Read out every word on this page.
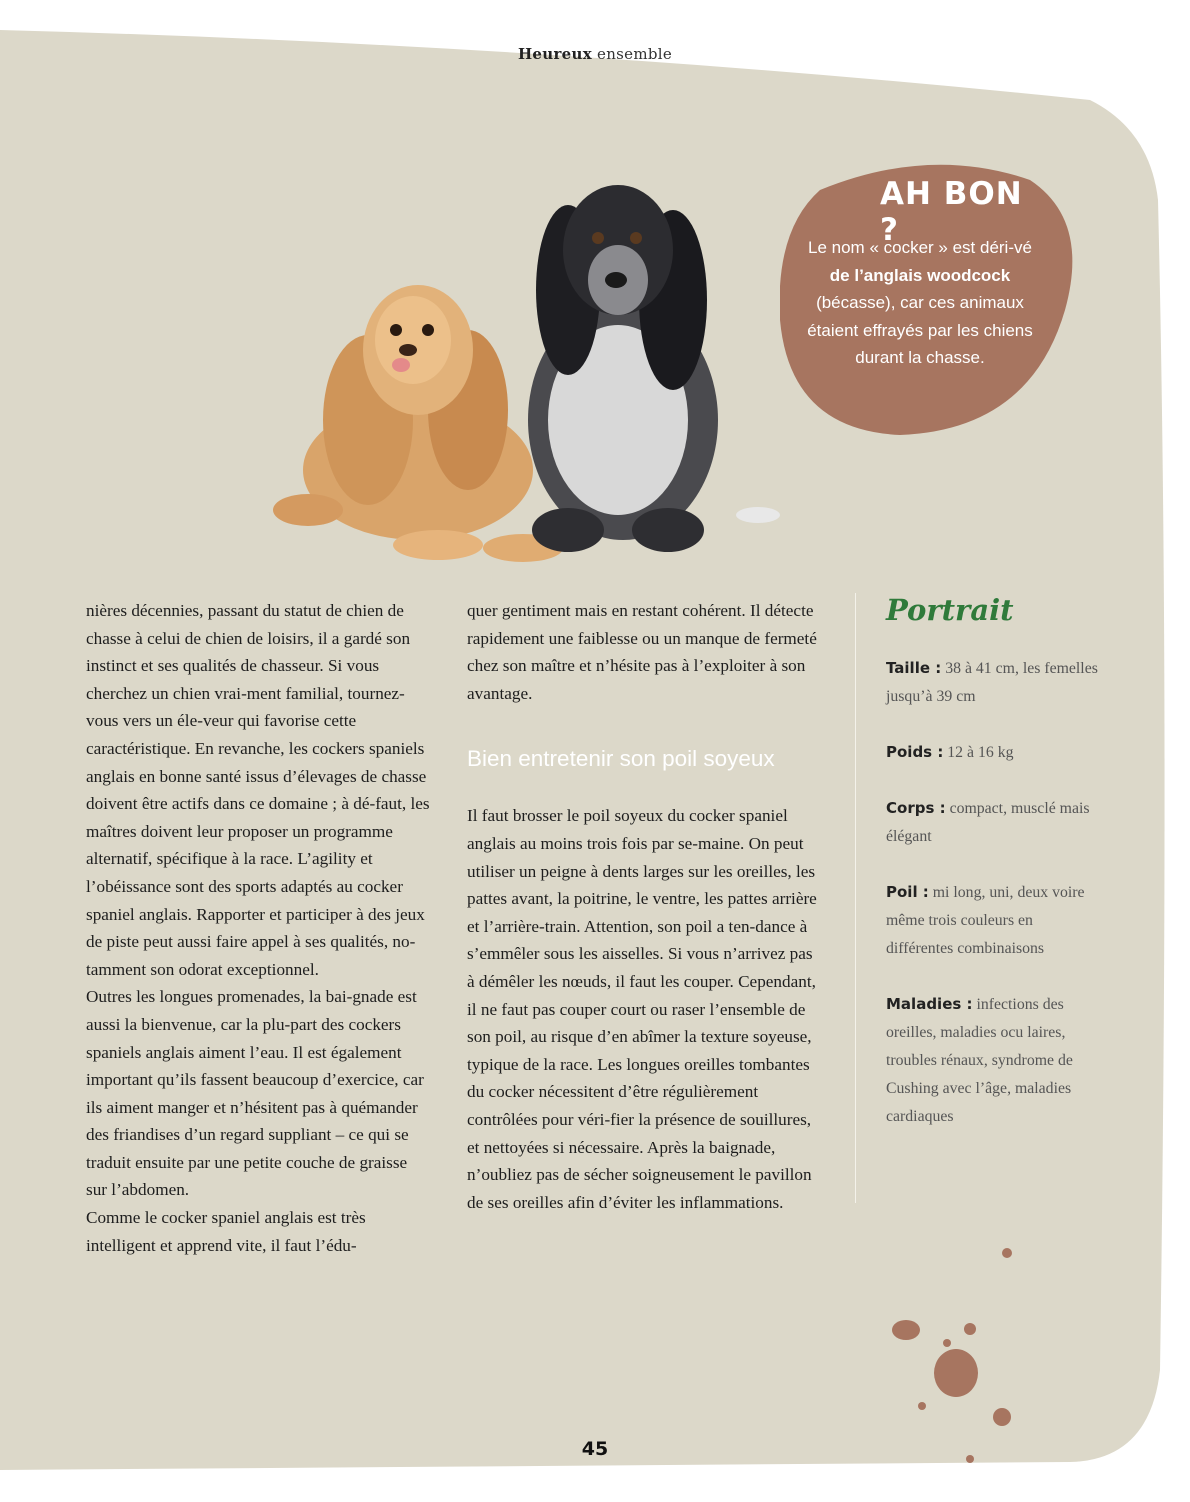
Heureux ensemble
AH BON ?
Le nom « cocker » est déri-vé de l’anglais woodcock (bécasse), car ces animaux étaient effrayés par les chiens durant la chasse.

nières décennies, passant du statut de chien de chasse à celui de chien de loisirs, il a gardé son instinct et ses qualités de chasseur. Si vous cherchez un chien vrai-ment familial, tournez-vous vers un éle-veur qui favorise cette caractéristique. En revanche, les cockers spaniels anglais en bonne santé issus d’élevages de chasse doivent être actifs dans ce domaine ; à dé-faut, les maîtres doivent leur proposer un programme alternatif, spécifique à la race. L’agility et l’obéissance sont des sports adaptés au cocker spaniel anglais. Rapporter et participer à des jeux de piste peut aussi faire appel à ses qualités, no-tamment son odorat exceptionnel.

Outres les longues promenades, la bai-gnade est aussi la bienvenue, car la plu-part des cockers spaniels anglais aiment l’eau. Il est également important qu’ils fassent beaucoup d’exercice, car ils aiment manger et n’hésitent pas à quémander des friandises d’un regard suppliant – ce qui se traduit ensuite par une petite couche de graisse sur l’abdomen.

Comme le cocker spaniel anglais est très intelligent et apprend vite, il faut l’édu-

quer gentiment mais en restant cohérent. Il détecte rapidement une faiblesse ou un manque de fermeté chez son maître et n’hésite pas à l’exploiter à son avantage.

Bien entretenir son poil soyeux

Il faut brosser le poil soyeux du cocker spaniel anglais au moins trois fois par se-maine. On peut utiliser un peigne à dents larges sur les oreilles, les pattes avant, la poitrine, le ventre, les pattes arrière et l’arrière-train. Attention, son poil a ten-dance à s’emmêler sous les aisselles. Si vous n’arrivez pas à démêler les nœuds, il faut les couper. Cependant, il ne faut pas couper court ou raser l’ensemble de son poil, au risque d’en abîmer la texture soyeuse, typique de la race. Les longues oreilles tombantes du cocker nécessitent d’être régulièrement contrôlées pour véri-fier la présence de souillures, et nettoyées si nécessaire. Après la baignade, n’oubliez pas de sécher soigneusement le pavillon de ses oreilles afin d’éviter les inflammations.

Portrait
Taille : 38 à 41 cm, les femelles jusqu’à 39 cm
Poids : 12 à 16 kg
Corps : compact, musclé mais élégant
Poil : mi long, uni, deux voire même trois couleurs en différentes combinaisons
Maladies : infections des oreilles, maladies ocu laires, troubles rénaux, syndrome de Cushing avec l’âge, maladies cardiaques
45
